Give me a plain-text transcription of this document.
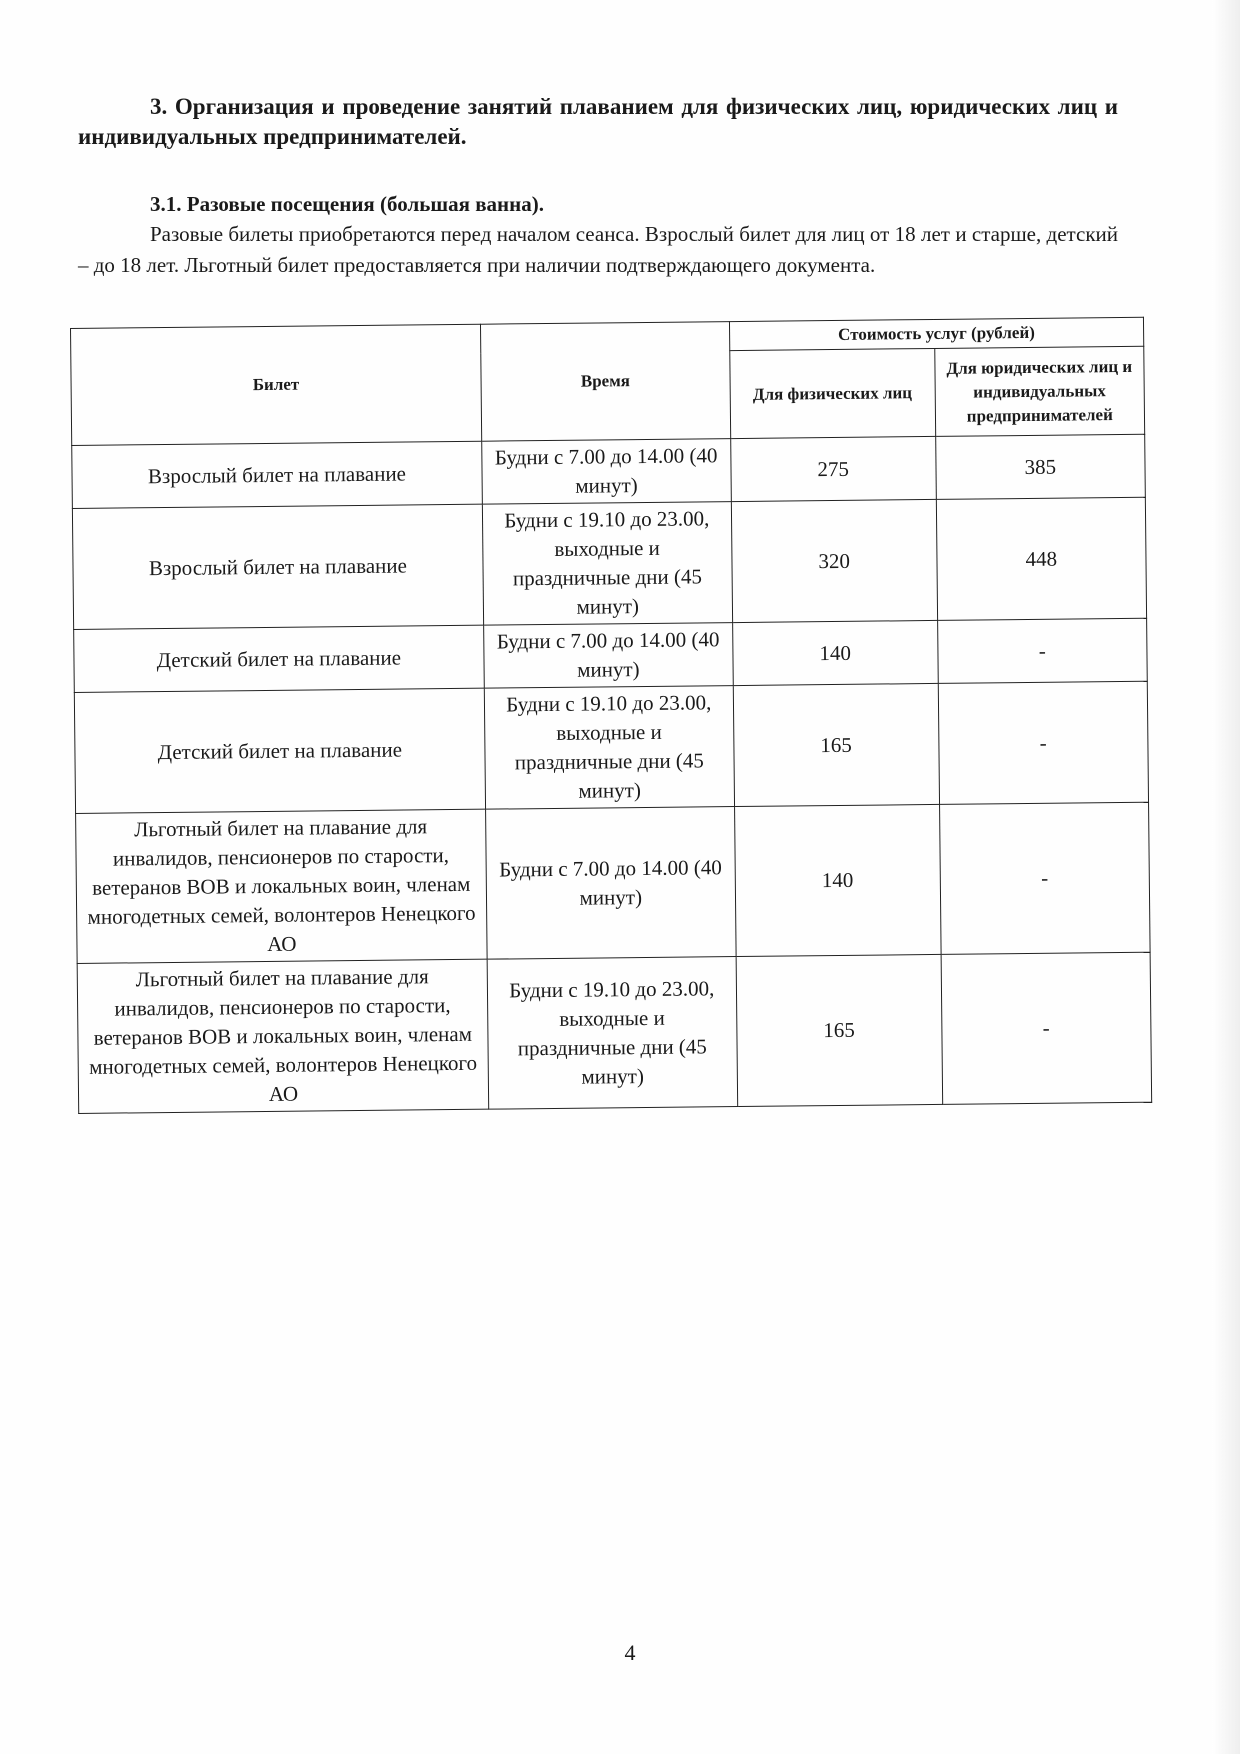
3. Организация и проведение занятий плаванием для физических лиц, юридических лиц и индивидуальных предпринимателей.
3.1. Разовые посещения (большая ванна).
Разовые билеты приобретаются перед началом сеанса. Взрослый билет для лиц от 18 лет и старше, детский – до 18 лет. Льготный билет предоставляется при наличии подтверждающего документа.
Билет	Время	Стоимость услуг (рублей)	
		Для физических лиц	Для юридических лиц и индивидуальных предпринимателей
Взрослый билет на плавание	Будни с 7.00 до 14.00 (40 минут)	275	385
Взрослый билет на плавание	Будни с 19.10 до 23.00, выходные и праздничные дни (45 минут)	320	448
Детский билет на плавание	Будни с 7.00 до 14.00 (40 минут)	140	-
Детский билет на плавание	Будни с 19.10 до 23.00, выходные и праздничные дни (45 минут)	165	-
Льготный билет на плавание для инвалидов, пенсионеров по старости, ветеранов ВОВ и локальных воин, членам многодетных семей, волонтеров Ненецкого АО	Будни с 7.00 до 14.00 (40 минут)	140	-
Льготный билет на плавание для инвалидов, пенсионеров по старости, ветеранов ВОВ и локальных воин, членам многодетных семей, волонтеров Ненецкого АО	Будни с 19.10 до 23.00, выходные и праздничные дни (45 минут)	165	-
4
